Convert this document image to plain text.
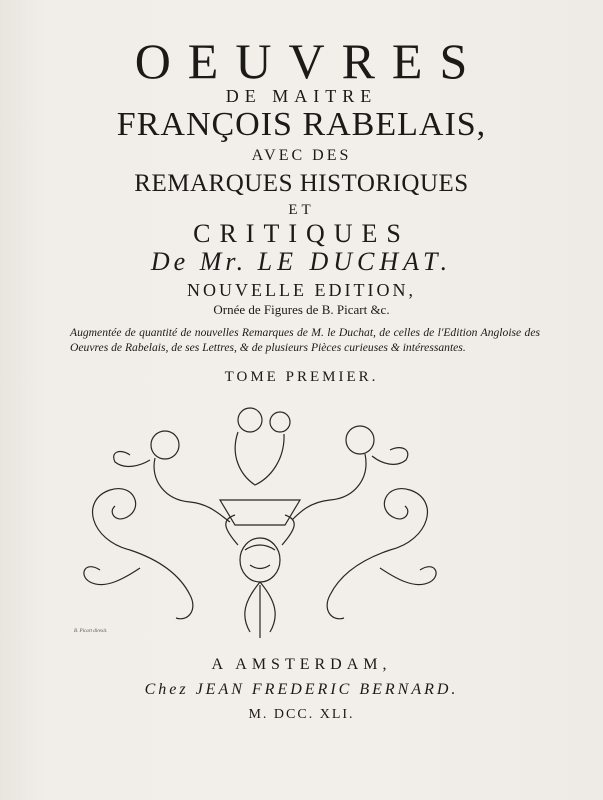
OEUVRES
DE MAITRE
FRANÇOIS RABELAIS,
AVEC DES
REMARQUES HISTORIQUES
ET
CRITIQUES
De Mr. LE DUCHAT.
NOUVELLE EDITION,
Ornée de Figures de B. Picart &c.
Augmentée de quantité de nouvelles Remarques de M. le Duchat, de celles de l'Edition Angloise des Oeuvres de Rabelais, de ses Lettres, & de plusieurs Pièces curieuses & intéressantes.
TOME PREMIER.
B. Picart direxit.
A AMSTERDAM,
Chez JEAN FREDERIC BERNARD.
M. DCC. XLI.
